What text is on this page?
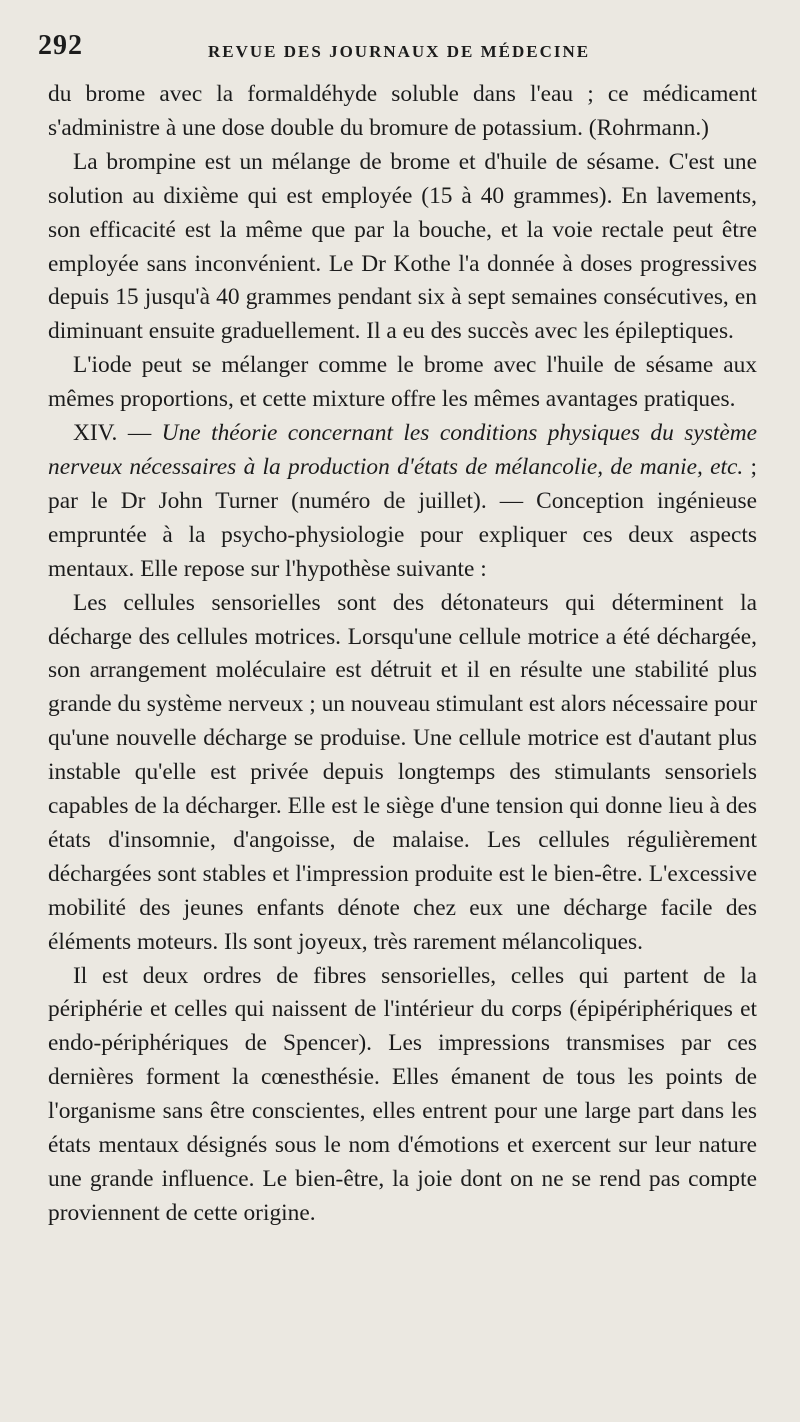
292	REVUE DES JOURNAUX DE MÉDECINE

du brome avec la formaldéhyde soluble dans l'eau ; ce médicament s'administre à une dose double du bromure de potassium. (Rohrmann.)

La brompine est un mélange de brome et d'huile de sésame. C'est une solution au dixième qui est employée (15 à 40 grammes). En lavements, son efficacité est la même que par la bouche, et la voie rectale peut être employée sans inconvénient. Le Dr Kothe l'a donnée à doses progressives depuis 15 jusqu'à 40 grammes pendant six à sept semaines consécutives, en diminuant ensuite graduellement. Il a eu des succès avec les épileptiques.

L'iode peut se mélanger comme le brome avec l'huile de sésame aux mêmes proportions, et cette mixture offre les mêmes avantages pratiques.

XIV. — Une théorie concernant les conditions physiques du système nerveux nécessaires à la production d'états de mélancolie, de manie, etc. ; par le Dr John Turner (numéro de juillet). — Conception ingénieuse empruntée à la psycho-physiologie pour expliquer ces deux aspects mentaux. Elle repose sur l'hypothèse suivante :

Les cellules sensorielles sont des détonateurs qui déterminent la décharge des cellules motrices. Lorsqu'une cellule motrice a été déchargée, son arrangement moléculaire est détruit et il en résulte une stabilité plus grande du système nerveux ; un nouveau stimulant est alors nécessaire pour qu'une nouvelle décharge se produise. Une cellule motrice est d'autant plus instable qu'elle est privée depuis longtemps des stimulants sensoriels capables de la décharger. Elle est le siège d'une tension qui donne lieu à des états d'insomnie, d'angoisse, de malaise. Les cellules régulièrement déchargées sont stables et l'impression produite est le bien-être. L'excessive mobilité des jeunes enfants dénote chez eux une décharge facile des éléments moteurs. Ils sont joyeux, très rarement mélancoliques.

Il est deux ordres de fibres sensorielles, celles qui partent de la périphérie et celles qui naissent de l'intérieur du corps (épipériphériques et endo-périphériques de Spencer). Les impressions transmises par ces dernières forment la cœnesthésie. Elles émanent de tous les points de l'organisme sans être conscientes, elles entrent pour une large part dans les états mentaux désignés sous le nom d'émotions et exercent sur leur nature une grande influence. Le bien-être, la joie dont on ne se rend pas compte proviennent de cette origine.
